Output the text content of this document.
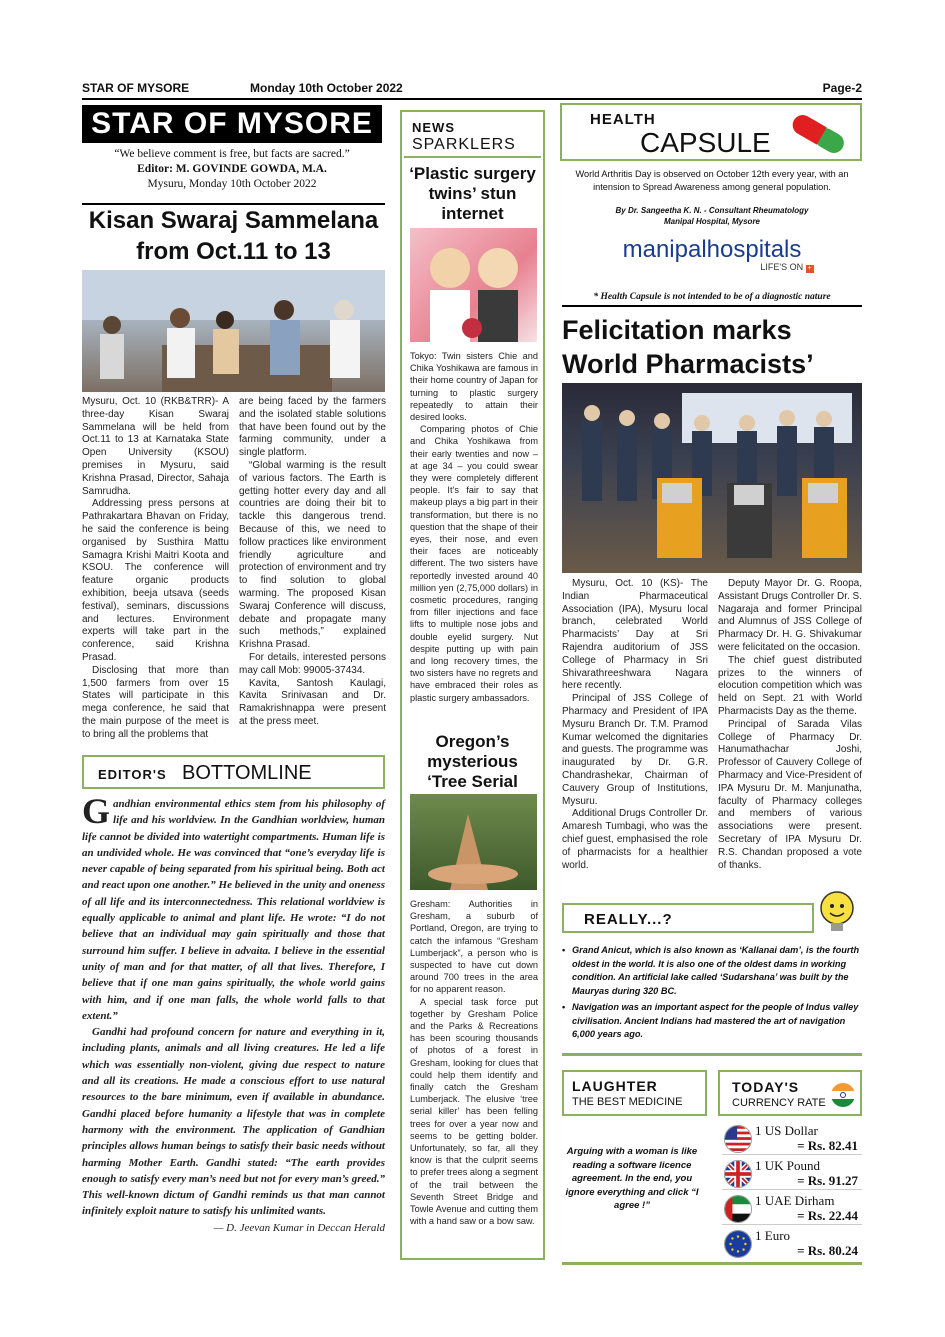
STAR OF MYSORE	Monday 10th October 2022	Page-2
STAR OF MYSORE
“We believe comment is free, but facts are sacred.”
Editor: M. GOVINDE GOWDA, M.A.
Mysuru, Monday 10th October 2022
Kisan Swaraj Sammelana from Oct.11 to 13

Mysuru, Oct. 10 (RKB&TRR)- A three-day Kisan Swaraj Sammelana will be held from Oct.11 to 13 at Karnataka State Open University (KSOU) premises in Mysuru, said Krishna Prasad, Director, Sahaja Samrudha.

Addressing press persons at Pathrakartara Bhavan on Friday, he said the conference is being organised by Susthira Mattu Samagra Krishi Maitri Koota and KSOU. The conference will feature organic products exhibition, beeja utsava (seeds festival), seminars, discussions and lectures. Environment experts will take part in the conference, said Krishna Prasad.

Disclosing that more than 1,500 farmers from over 15 States will participate in this mega conference, he said that the main purpose of the meet is to bring all the problems that

are being faced by the farmers and the isolated stable solutions that have been found out by the farming community, under a single platform.

“Global warming is the result of various factors. The Earth is getting hotter every day and all countries are doing their bit to tackle this dangerous trend. Because of this, we need to follow practices like environment friendly agriculture and protection of environment and try to find solution to global warming. The proposed Kisan Swaraj Conference will discuss, debate and propagate many such methods,” explained Krishna Prasad.

For details, interested persons may call Mob: 99005-37434.

Kavita, Santosh Kaulagi, Kavita Srinivasan and Dr. Ramakrishnappa were present at the press meet.

EDITOR'S BOTTOMLINE

Gandhian environmental ethics stem from his philosophy of life and his worldview. In the Gandhian worldview, human life cannot be divided into watertight compartments. Human life is an undivided whole. He was convinced that “one’s everyday life is never capable of being separated from his spiritual being. Both act and react upon one another.” He believed in the unity and oneness of all life and its interconnectedness. This relational worldview is equally applicable to animal and plant life. He wrote: “I do not believe that an individual may gain spiritually and those that surround him suffer. I believe in advaita. I believe in the essential unity of man and for that matter, of all that lives. Therefore, I believe that if one man gains spiritually, the whole world gains with him, and if one man falls, the whole world falls to that extent.”

Gandhi had profound concern for nature and everything in it, including plants, animals and all living creatures. He led a life which was essentially non-violent, giving due respect to nature and all its creations. He made a conscious effort to use natural resources to the bare minimum, even if available in abundance. Gandhi placed before humanity a lifestyle that was in complete harmony with the environment. The application of Gandhian principles allows human beings to satisfy their basic needs without harming Mother Earth. Gandhi stated: “The earth provides enough to satisfy every man’s need but not for every man’s greed.” This well-known dictum of Gandhi reminds us that man cannot infinitely exploit nature to satisfy his unlimited wants.

— D. Jeevan Kumar in Deccan Herald

NEWS
SPARKLERS
‘Plastic surgery twins’ stun internet

Tokyo: Twin sisters Chie and Chika Yoshikawa are famous in their home country of Japan for turning to plastic surgery repeatedly to attain their desired looks.

Comparing photos of Chie and Chika Yoshikawa from their early twenties and now – at age 34 – you could swear they were completely different people. It’s fair to say that makeup plays a big part in their transformation, but there is no question that the shape of their eyes, their nose, and even their faces are noticeably different. The two sisters have reportedly invested around 40 million yen (2,75,000 dollars) in cosmetic procedures, ranging from filler injections and face lifts to multiple nose jobs and double eyelid surgery. Nut despite putting up with pain and long recovery times, the two sisters have no regrets and have embraced their roles as plastic surgery ambassadors.

Oregon’s mysterious ‘Tree Serial

Gresham: Authorities in Gresham, a suburb of Portland, Oregon, are trying to catch the infamous “Gresham Lumberjack”, a person who is suspected to have cut down around 700 trees in the area for no apparent reason.

A special task force put together by Gresham Police and the Parks & Recreations has been scouring thousands of photos of a forest in Gresham, looking for clues that could help them identify and finally catch the Gresham Lumberjack. The elusive ‘tree serial killer’ has been felling trees for over a year now and seems to be getting bolder. Unfortunately, so far, all they know is that the culprit seems to prefer trees along a segment of the trail between the Seventh Street Bridge and Towle Avenue and cutting them with a hand saw or a bow saw.

HEALTH
CAPSULE
World Arthritis Day is observed on October 12th every year, with an intension to Spread Awareness among general population.
By Dr. Sangeetha K. N. - Consultant Rheumatology
Manipal Hospital, Mysore
manipalhospitals
LIFE'S ON +
* Health Capsule is not intended to be of a diagnostic nature
Felicitation marks World Pharmacists’

Mysuru, Oct. 10 (KS)- The Indian Pharmaceutical Association (IPA), Mysuru local branch, celebrated World Pharmacists’ Day at Sri Rajendra auditorium of JSS College of Pharmacy in Sri Shivarathreeshwara Nagara here recently.

Principal of JSS College of Pharmacy and President of IPA Mysuru Branch Dr. T.M. Pramod Kumar welcomed the dignitaries and guests. The programme was inaugurated by Dr. G.R. Chandrashekar, Chairman of Cauvery Group of Institutions, Mysuru.

Additional Drugs Controller Dr. Amaresh Tumbagi, who was the chief guest, emphasised the role of pharmacists for a healthier world.

Deputy Mayor Dr. G. Roopa, Assistant Drugs Controller Dr. S. Nagaraja and former Principal and Alumnus of JSS College of Pharmacy Dr. H. G. Shivakumar were felicitated on the occasion.

The chief guest distributed prizes to the winners of elocution competition which was held on Sept. 21 with World Pharmacists Day as the theme.

Principal of Sarada Vilas College of Pharmacy Dr. Hanumathachar Joshi, Professor of Cauvery College of Pharmacy and Vice-President of IPA Mysuru Dr. M. Manjunatha, faculty of Pharmacy colleges and members of various associations were present. Secretary of IPA Mysuru Dr. R.S. Chandan proposed a vote of thanks.

REALLY...?
• Grand Anicut, which is also known as ‘Kallanai dam’, is the fourth oldest in the world. It is also one of the oldest dams in working condition. An artificial lake called ‘Sudarshana’ was built by the Mauryas during 320 BC.
• Navigation was an important aspect for the people of Indus valley civilisation. Ancient Indians had mastered the art of navigation 6,000 years ago.
LAUGHTER
THE BEST MEDICINE
Arguing with a woman is like reading a software licence agreement. In the end, you ignore everything and click “I agree !”
TODAY'S
CURRENCY RATE
1 US Dollar
= Rs. 82.41
1 UK Pound
= Rs. 91.27
1 UAE Dirham
= Rs. 22.44
1 Euro
= Rs. 80.24
